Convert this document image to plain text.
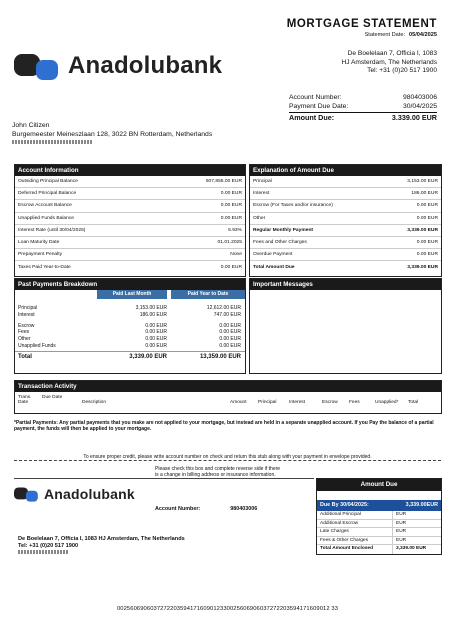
MORTGAGE STATEMENT
Statement Date: 05/04/2025
De Boelelaan 7, Officia I, 1083
HJ Amsterdam, The Netherlands
Tel: +31 (0)20 517 1900
Anadolubank
Account Number:	980403006
Payment Due Date:	30/04/2025
Amount Due:	3.339.00 EUR
John Citizen
Burgemeester Meineszlaan 128, 3022 BN Rotterdam, Netherlands
Account Information
Outsiding Principal Balance	507,855.00 EUR
Deferred Principal Balance	0.00 EUR
Escrow Account Balance	0.00 EUR
Unapplied Funds Balance	0.00 EUR
Interest Rate (until 30/04/2025)	5.93%
Loan Maturity Date	01.01.2025
Prepayment Penalty	None
Taxes Paid Year-to-Date	0.00 EUR
Explanation of Amount Due
Principal	3,153.00 EUR
Interest	186.00 EUR
Escrow (For Taxes and/or insurance)	0.00 EUR
Other	0.00 EUR
Regular Monthly Payment	3,339.00 EUR
Fees and Other Charges	0.00 EUR
Overdue Payment	0.00 EUR
Total Amount Due	3,339.00 EUR
Past Payments Breakdown
Paid Last Month	Paid Year to Date
Principal	3,153.00 EUR	12,612.00 EUR
Interest	186.00 EUR	747.00 EUR
Escrow	0.00 EUR	0.00 EUR
Fees	0.00 EUR	0.00 EUR
Other	0.00 EUR	0.00 EUR
Unapplied Funds	0.00 EUR	0.00 EUR
Total	3,339.00 EUR	13,359.00 EUR
Important Messages
Transaction Activity
Trans. Date
Due Date
Description	Amount	Principal	Interest	Escrow	Fees	Unapplied*	Total
*Partial Payments: Any partial payments that you make are not applied to your mortgage, but instead are held in a separate unapplied account. If you Pay the balance of a partial payment, the funds will then be applied to your mortgage.
To ensure proper credit, please write account number on check and return this stub along with your payment in envelope provided.
Please check this box and complete reverse side if there
is a change in billing address or insurance information.
Anadolubank
Account Number:	980403006
De Boelelaan 7, Officia I, 1083 HJ Amsterdam, The Netherlands
Tel: +31 (0)20 517 1900
Amount Due
Due By 30/04/2025:	3,339.00EUR
Additional Principal	EUR
Additional Escrow	EUR
Late Charges	EUR
Fees & Other Charges	EUR
Total Amount Enclosed	3,339.00 EUR
0025606906037272203594171609012330025606906037272203594171609012 33
